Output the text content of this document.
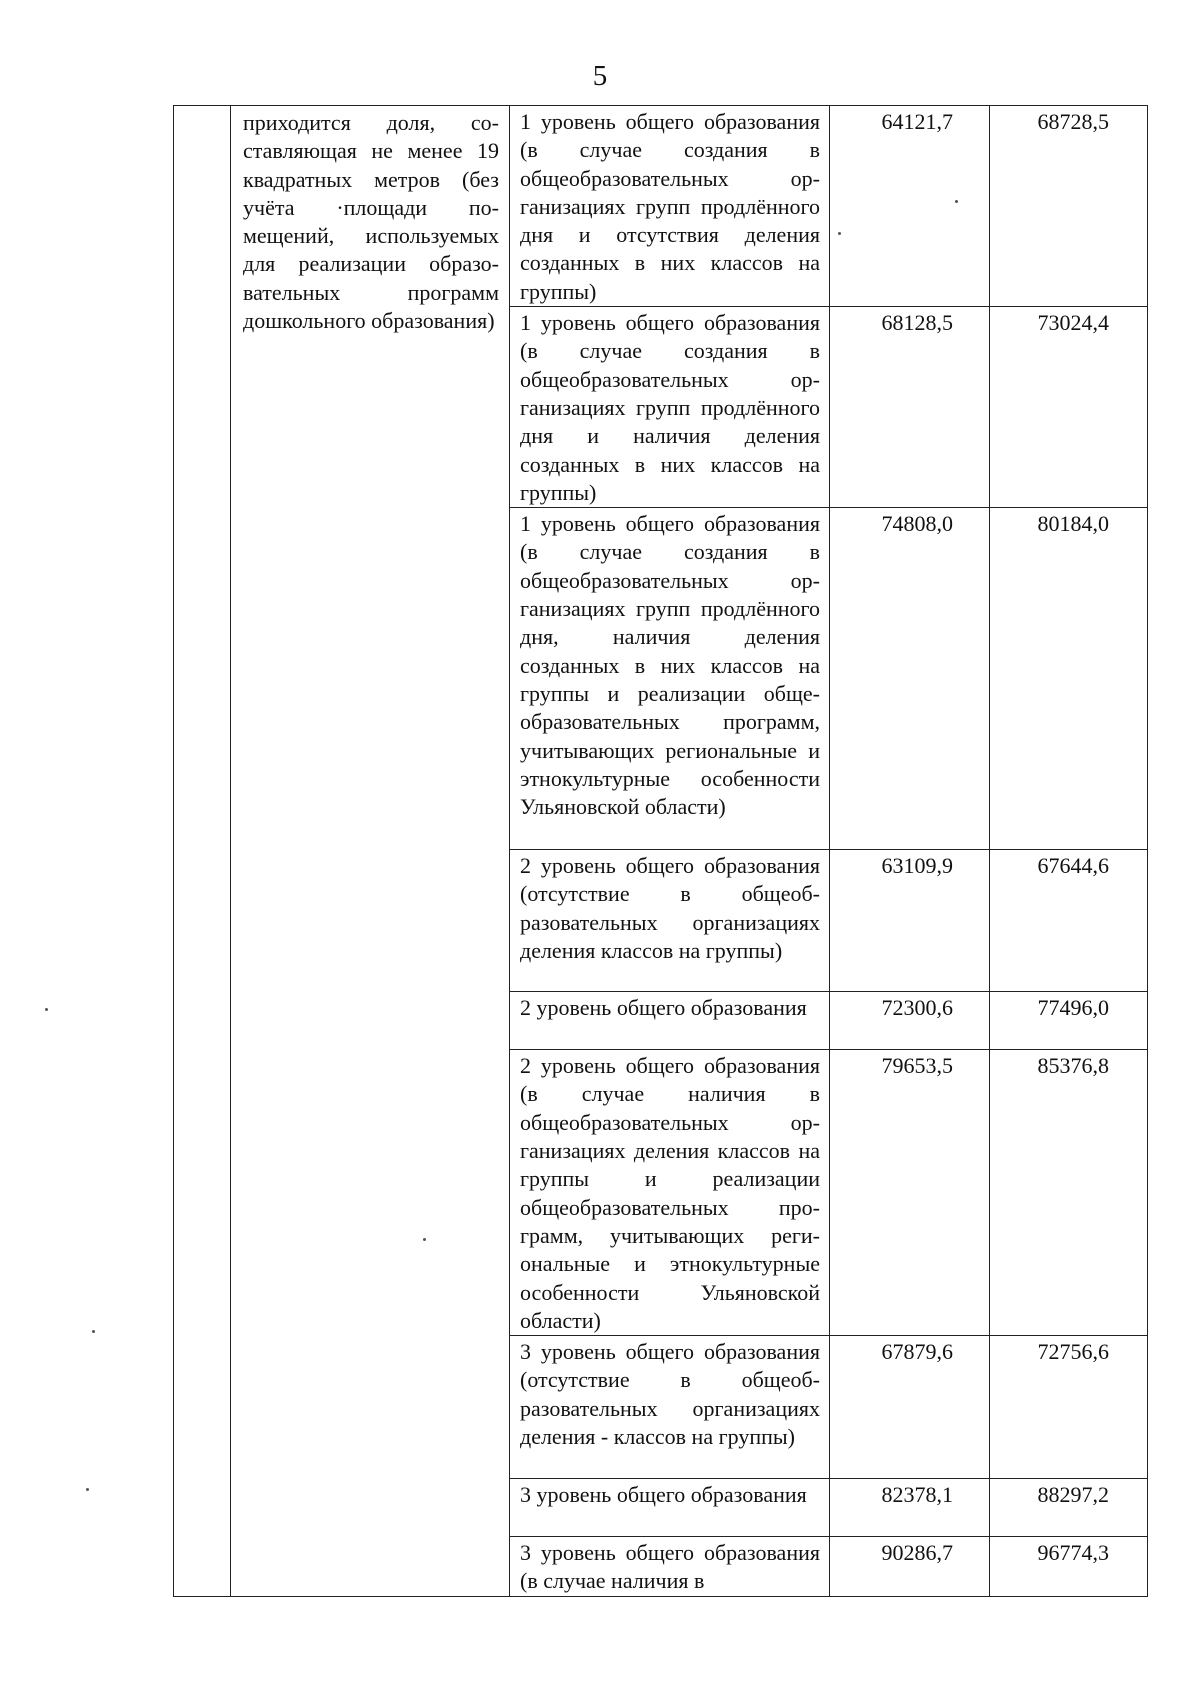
5

	приходится доля, составляющая не менее 19 квадратных метров (без учёта ·площади помещений, используемых для реализации образовательных программ дошкольного образования)	1 уровень общего образования (в случае создания в общеобразовательных организациях групп продлённого дня и отсутствия деления созданных в них классов на группы)	64121,7	68728,5

		1 уровень общего образования (в случае создания в общеобразовательных организациях групп продлённого дня и наличия деления созданных в них классов на группы)	68128,5	73024,4

		1 уровень общего образования (в случае создания в общеобразовательных организациях групп продлённого дня, наличия деления созданных в них классов на группы и реализации общеобразовательных программ, учитывающих региональные и этнокультурные особенности Ульяновской области)	74808,0	80184,0

		2 уровень общего образования (отсутствие в общеобразовательных организациях деления классов на группы)	63109,9	67644,6

		2 уровень общего образования	72300,6	77496,0

		2 уровень общего образования (в случае наличия в общеобразовательных организациях деления классов на группы и реализации общеобразовательных программ, учитывающих региональные и этнокультурные особенности Ульяновской области)	79653,5	85376,8

		3 уровень общего образования (отсутствие в общеобразовательных организациях деления - классов на группы)	67879,6	72756,6

		3 уровень общего образования	82378,1	88297,2

		3 уровень общего образования (в случае наличия в	90286,7	96774,3
